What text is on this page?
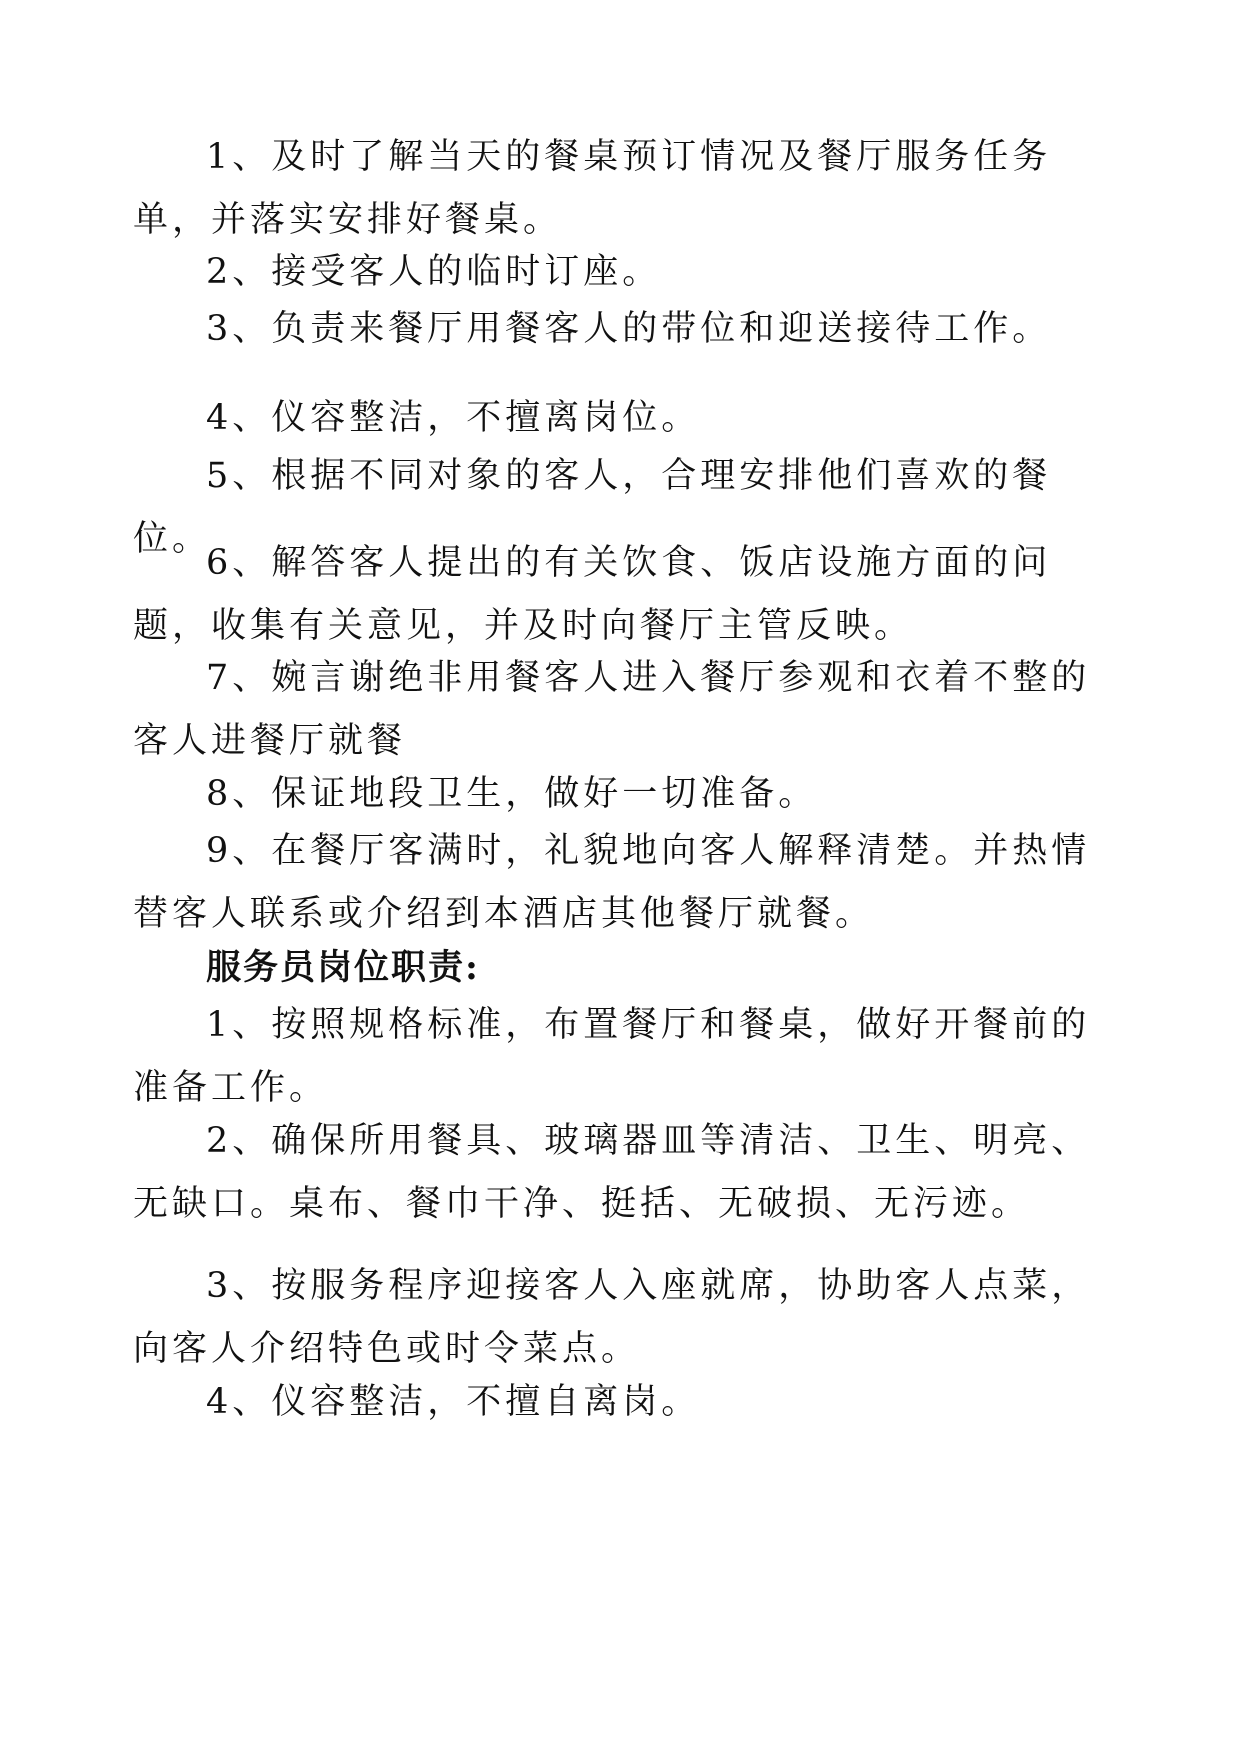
1、及时了解当天的餐桌预订情况及餐厅服务任务单，并落实安排好餐桌。

2、接受客人的临时订座。

3、负责来餐厅用餐客人的带位和迎送接待工作。

4、仪容整洁，不擅离岗位。

5、根据不同对象的客人，合理安排他们喜欢的餐位。

6、解答客人提出的有关饮食、饭店设施方面的问题，收集有关意见，并及时向餐厅主管反映。

7、婉言谢绝非用餐客人进入餐厅参观和衣着不整的客人进餐厅就餐

8、保证地段卫生，做好一切准备。

9、在餐厅客满时，礼貌地向客人解释清楚。并热情替客人联系或介绍到本酒店其他餐厅就餐。

服务员岗位职责:

1、按照规格标准，布置餐厅和餐桌，做好开餐前的准备工作。

2、确保所用餐具、玻璃器皿等清洁、卫生、明亮、无缺口。桌布、餐巾干净、挺括、无破损、无污迹。

3、按服务程序迎接客人入座就席，协助客人点菜，向客人介绍特色或时令菜点。

4、仪容整洁，不擅自离岗。
